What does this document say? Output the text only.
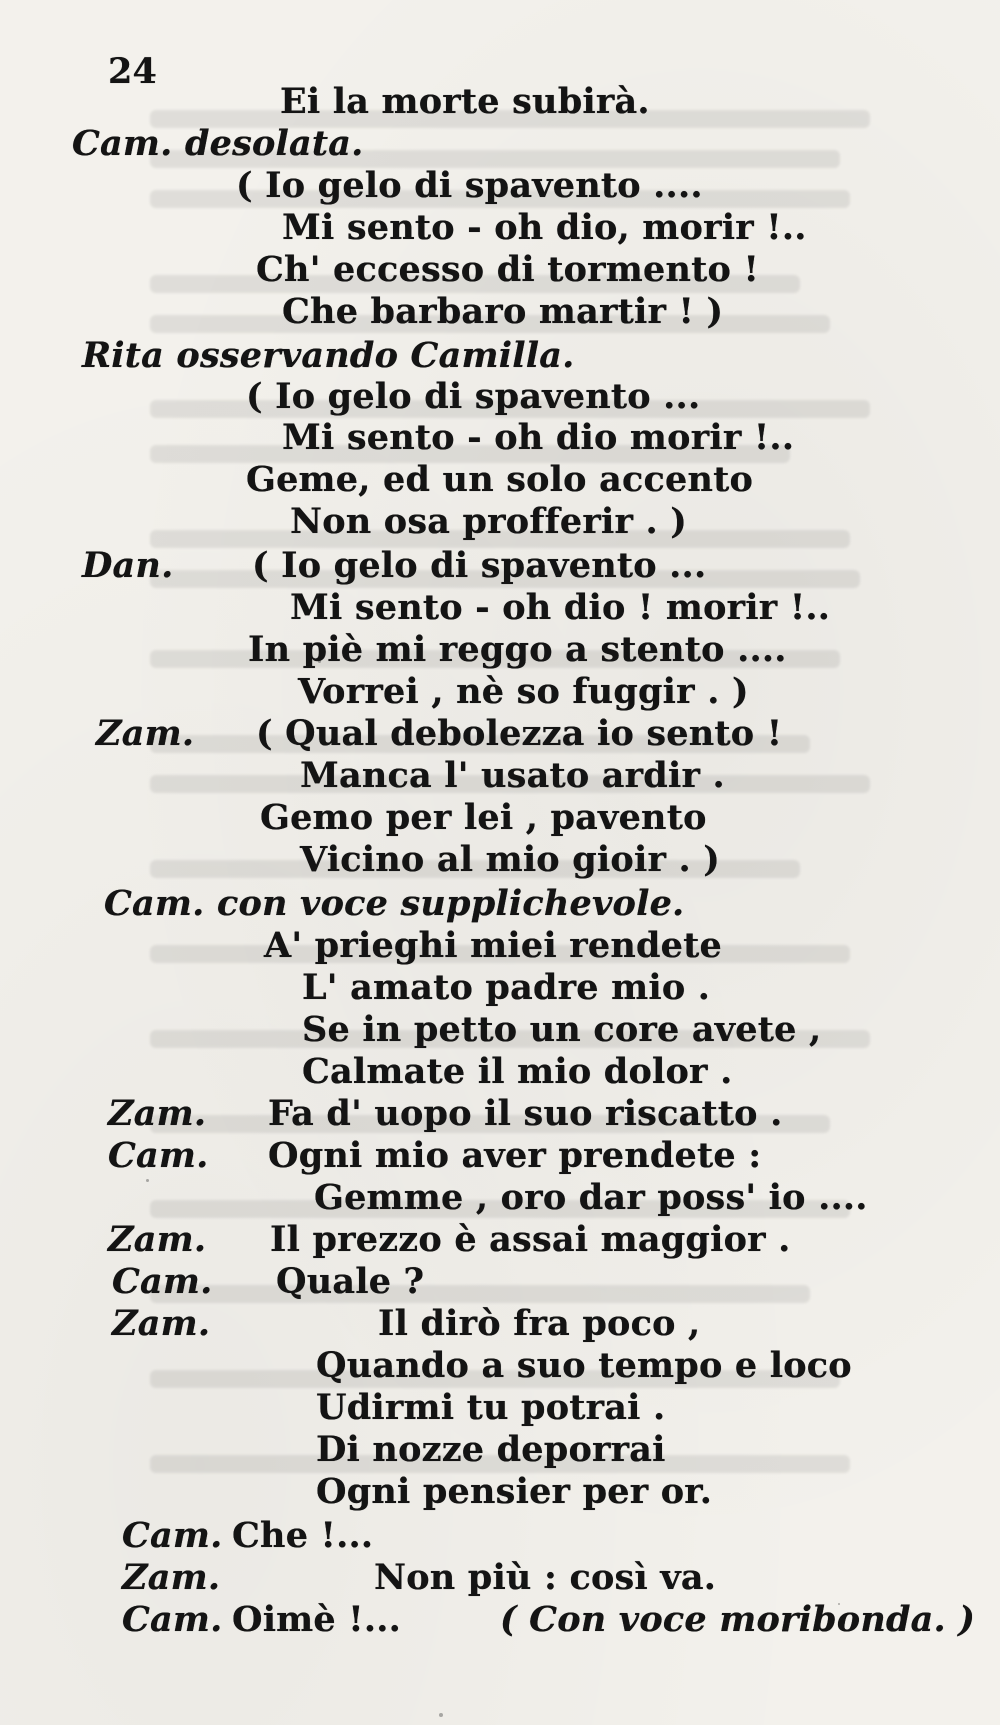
24
Ei la morte subirà.
Cam. desolata.
( Io gelo di spavento ....
Mi sento - oh dio, morir !..
Ch' eccesso di tormento !
Che barbaro martir ! )
Rita osservando Camilla.
( Io gelo di spavento ...
Mi sento - oh dio morir !..
Geme, ed un solo accento
Non osa profferir . )
Dan. ( Io gelo di spavento ...
Mi sento - oh dio ! morir !..
In piè mi reggo a stento ....
Vorrei , nè so fuggir . )
Zam. ( Qual debolezza io sento !
Manca l' usato ardir .
Gemo per lei , pavento
Vicino al mio gioir . )
Cam. con voce supplichevole.
A' prieghi miei rendete
L' amato padre mio .
Se in petto un core avete ,
Calmate il mio dolor .
Zam. Fa d' uopo il suo riscatto .
Cam. Ogni mio aver prendete :
Gemme , oro dar poss' io ....
Zam. Il prezzo è assai maggior .
Cam. Quale ?
Zam.	Il dirò fra poco ,
Quando a suo tempo e loco
Udirmi tu potrai .
Di nozze deporrai
Ogni pensier per or.
Cam. Che !...
Zam.	Non più : così va.
Cam. Oimè !...	( Con voce moribonda. )
